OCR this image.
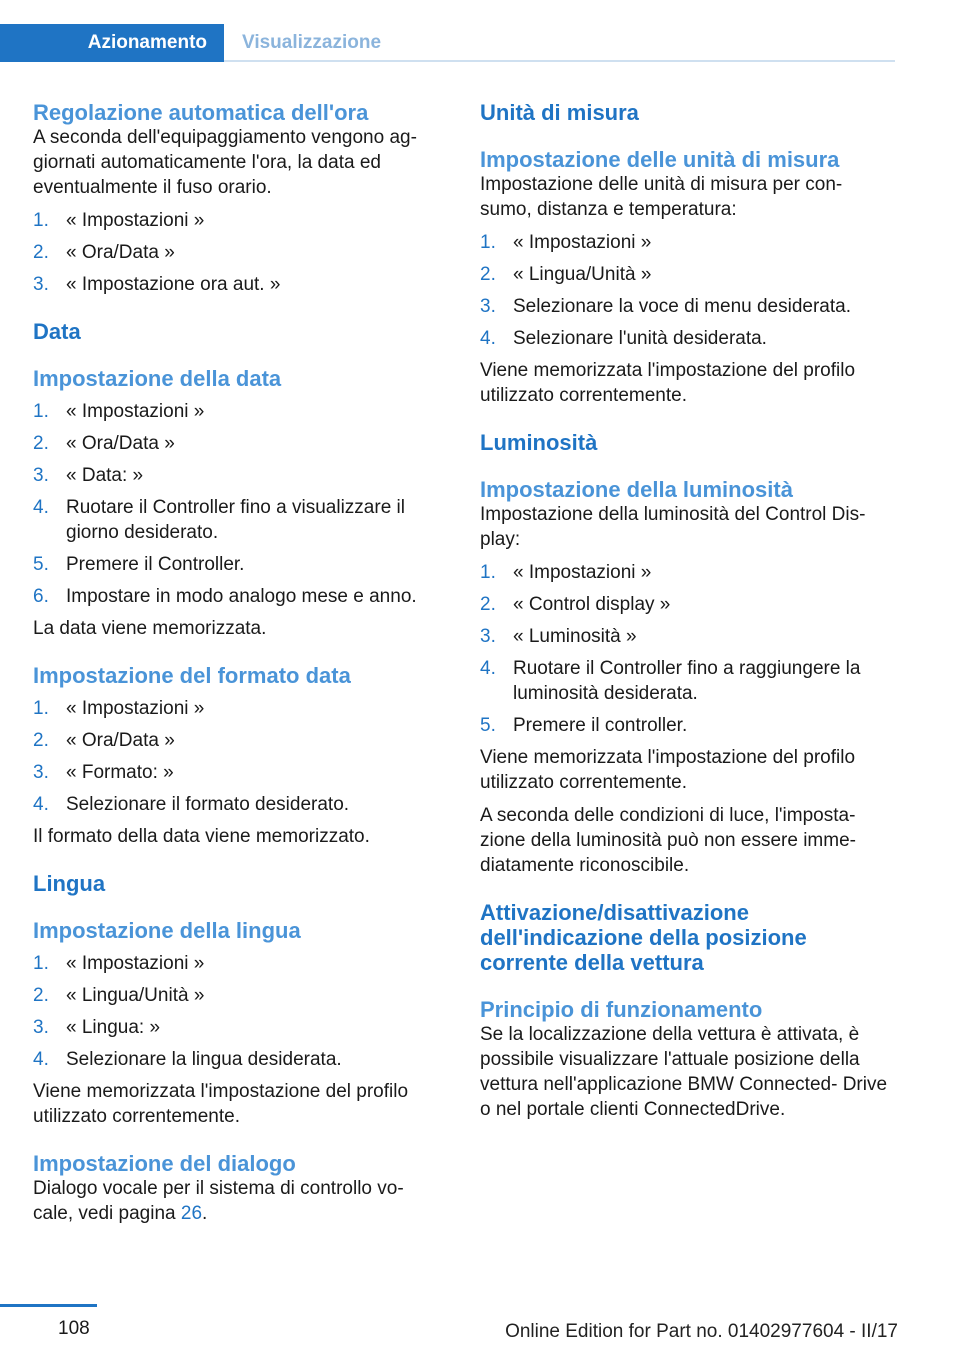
Azionamento	Visualizzazione
Regolazione automatica dell'ora

A seconda dell'equipaggiamento vengono ag‐ giornati automaticamente l'ora, la data ed eventualmente il fuso orario.

1. « Impostazioni »
2. « Ora/Data »
3. « Impostazione ora aut. »
Data
Impostazione della data
1. « Impostazioni »
2. « Ora/Data »
3. « Data: »
4. Ruotare il Controller fino a visualizzare il giorno desiderato.
5. Premere il Controller.
6. Impostare in modo analogo mese e anno.

La data viene memorizzata.

Impostazione del formato data
1. « Impostazioni »
2. « Ora/Data »
3. « Formato: »
4. Selezionare il formato desiderato.

Il formato della data viene memorizzato.

Lingua
Impostazione della lingua
1. « Impostazioni »
2. « Lingua/Unità »
3. « Lingua: »
4. Selezionare la lingua desiderata.

Viene memorizzata l'impostazione del profilo utilizzato correntemente.

Impostazione del dialogo

Dialogo vocale per il sistema di controllo vo‐ cale, vedi pagina 26.

Unità di misura
Impostazione delle unità di misura

Impostazione delle unità di misura per con‐ sumo, distanza e temperatura:

1. « Impostazioni »
2. « Lingua/Unità »
3. Selezionare la voce di menu desiderata.
4. Selezionare l'unità desiderata.

Viene memorizzata l'impostazione del profilo utilizzato correntemente.

Luminosità
Impostazione della luminosità

Impostazione della luminosità del Control Dis‐ play:

1. « Impostazioni »
2. « Control display »
3. « Luminosità »
4. Ruotare il Controller fino a raggiungere la luminosità desiderata.
5. Premere il controller.

Viene memorizzata l'impostazione del profilo utilizzato correntemente.

A seconda delle condizioni di luce, l'imposta‐ zione della luminosità può non essere imme‐ diatamente riconoscibile.

Attivazione/disattivazione dell'indicazione della posizione corrente della vettura
Principio di funzionamento

Se la localizzazione della vettura è attivata, è possibile visualizzare l'attuale posizione della vettura nell'applicazione BMW Connected‐ Drive o nel portale clienti ConnectedDrive.

108	Online Edition for Part no. 01402977604 - II/17
